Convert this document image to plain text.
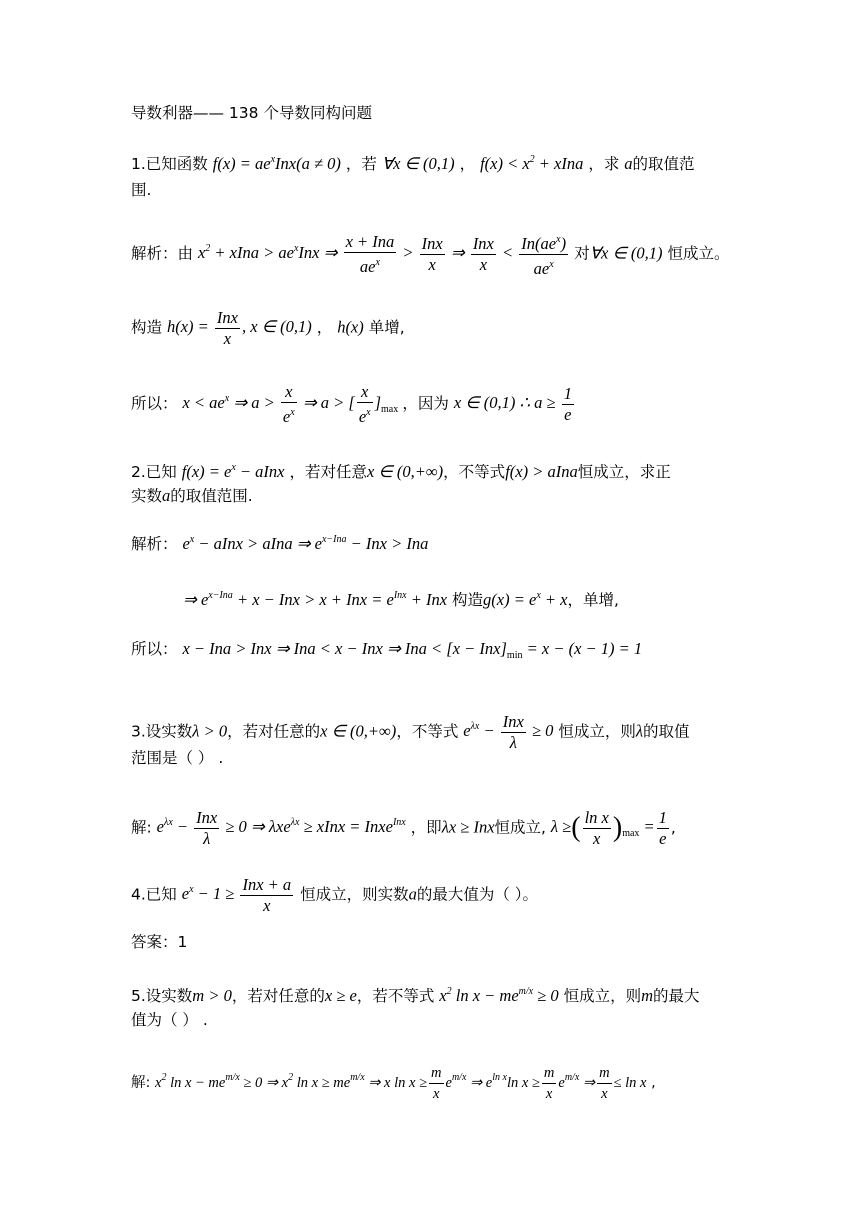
导数利器—— 138 个导数同构问题
1.已知函数 $f(x) = ae^xInx(a \ne 0)$ ，若 ∀x ∈ (0,1) ， $f(x) < x^2$ + xIna ，求 a的取值范
围.
解析：由 $x^2$ + xIna > $ae^xInx$ ⇒ $\frac{\text{x + Ina}}{ae^x} > \frac{\text{Inx}}{x}$ ⇒ $\frac{\text{Inx}}{x} < \frac{In(ae^x)}{ae^x}$ 对∀x ∈ (0,1) 恒成立。
构造 $h(x) = \frac{\text{Inx}}{x}$ , x ∈ (0,1) ， h(x) 单增,
所以： $x < ae^x$ ⇒ $a > \frac{x}{e^x}$ ⇒ a > [ $\frac{x}{e^x} ]_{max}$ ，因为 x ∈ (0,1) ∴ $a \ge \frac{1}{e}$
2.已知 $f(x) = e^x$ − aInx ，若对任意x ∈ (0,+∞)，不等式f(x) > aIna恒成立，求正
实数a的取值范围.
解析： $e^x$ − aInx > aIna ⇒ $e^{x-Ina}$ − Inx > Ina
⇒ $e^{x-Ina} + x$ − Inx > x + Inx = $e^{Inx}$ + Inx 构造$g(x) = e^x + x$，单增,
所以： x − Ina > Inx ⇒ Ina < x − Inx ⇒ Ina < $[x - Inx]_{min} = x - (x - 1) = 1$
3.设实数λ > 0，若对任意的x ∈ (0,+∞)，不等式 $e^{\lambda x} - \frac{\text{Inx}}{\lambda} \ge 0$ 恒成立，则λ的取值
范围是（ ） .
解: $e^{\lambda x} - \frac{\text{Inx}}{\lambda} \ge 0$ ⇒ λxe$^{\lambda x}$ ≥ xInx = Inxe$^{Inx}$ ，即λx ≥ Inx恒成立, λ ≥( $\frac{\text{ln x}}{x} )_{max} = \frac{1}{e}$ ,
4.已知 $e^x - 1 \ge \frac{\text{Inx + a}}{x}$ 恒成立，则实数a的最大值为（ ）。
答案：1
5.设实数m > 0，若对任意的x ≥ e，若不等式 $x^2$ $\ln x - me^{m/x} \ge 0$ 恒成立，则m的最大
值为（ ） .
解: $x^2$ $\ln x - me^{m/x} \ge 0$ ⇒ $x^2$ $\ln x \ge me^{m/x}$ ⇒ x $\ln x \ge \frac{m}{x} e^{m/x}$ ⇒ $e^{ln x}\ln$ $x \ge \frac{m}{x} e^{m/x}$ ⇒ $\frac{m}{x} \le \ln x$ ,
